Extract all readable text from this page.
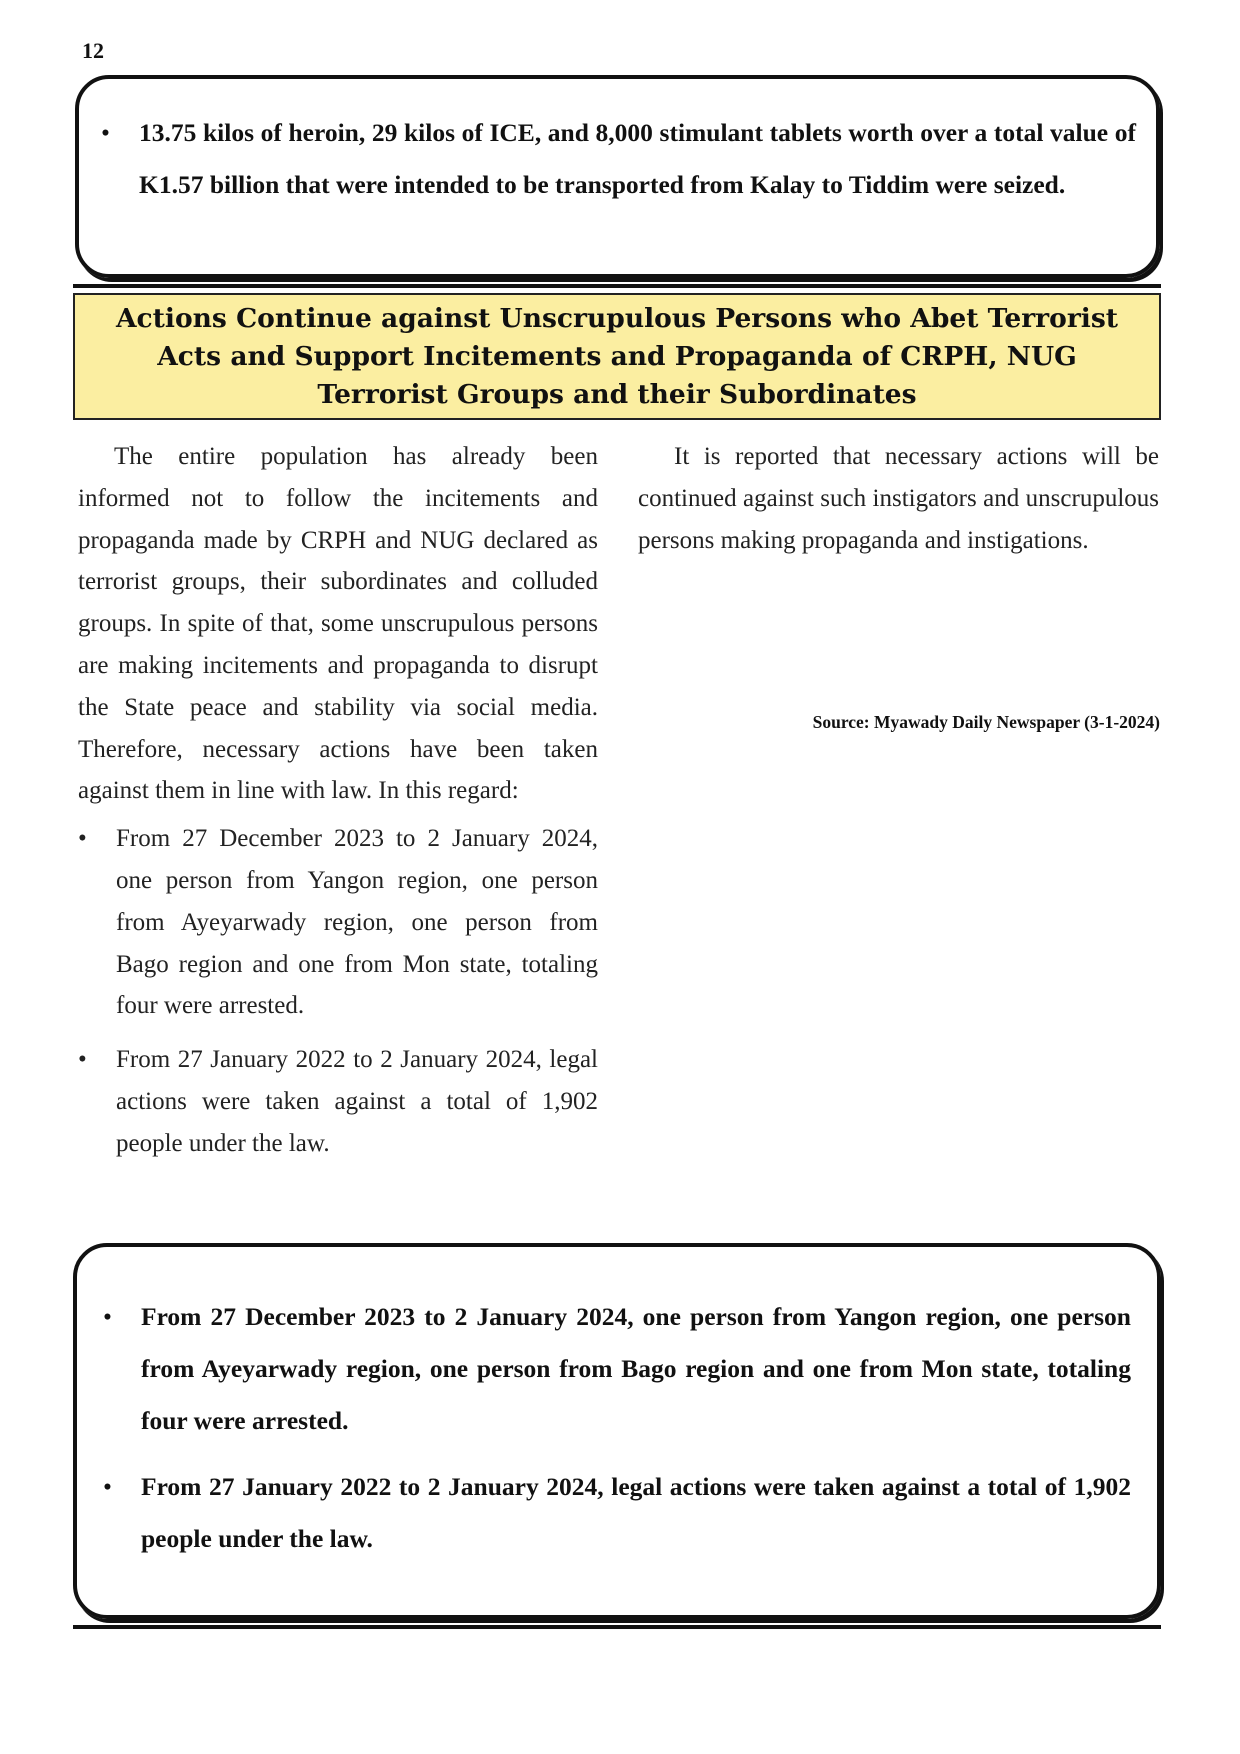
12
• 13.75 kilos of heroin, 29 kilos of ICE, and 8,000 stimulant tablets worth over a total value of K1.57 billion that were intended to be transported from Kalay to Tiddim were seized.
Actions Continue against Unscrupulous Persons who Abet Terrorist Acts and Support Incitements and Propaganda of CRPH, NUG Terrorist Groups and their Subordinates

The entire population has already been informed not to follow the incitements and propaganda made by CRPH and NUG declared as terrorist groups, their subordinates and colluded groups. In spite of that, some unscrupulous persons are making incitements and propaganda to disrupt the State peace and stability via social media. Therefore, necessary actions have been taken against them in line with law. In this regard:

• From 27 December 2023 to 2 January 2024, one person from Yangon region, one person from Ayeyarwady region, one person from Bago region and one from Mon state, totaling four were arrested.
• From 27 January 2022 to 2 January 2024, legal actions were taken against a total of 1,902 people under the law.

It is reported that necessary actions will be continued against such instigators and unscrupulous persons making propaganda and instigations.

Source: Myawady Daily Newspaper (3-1-2024)
• From 27 December 2023 to 2 January 2024, one person from Yangon region, one person from Ayeyarwady region, one person from Bago region and one from Mon state, totaling four were arrested.
• From 27 January 2022 to 2 January 2024, legal actions were taken against a total of 1,902 people under the law.
